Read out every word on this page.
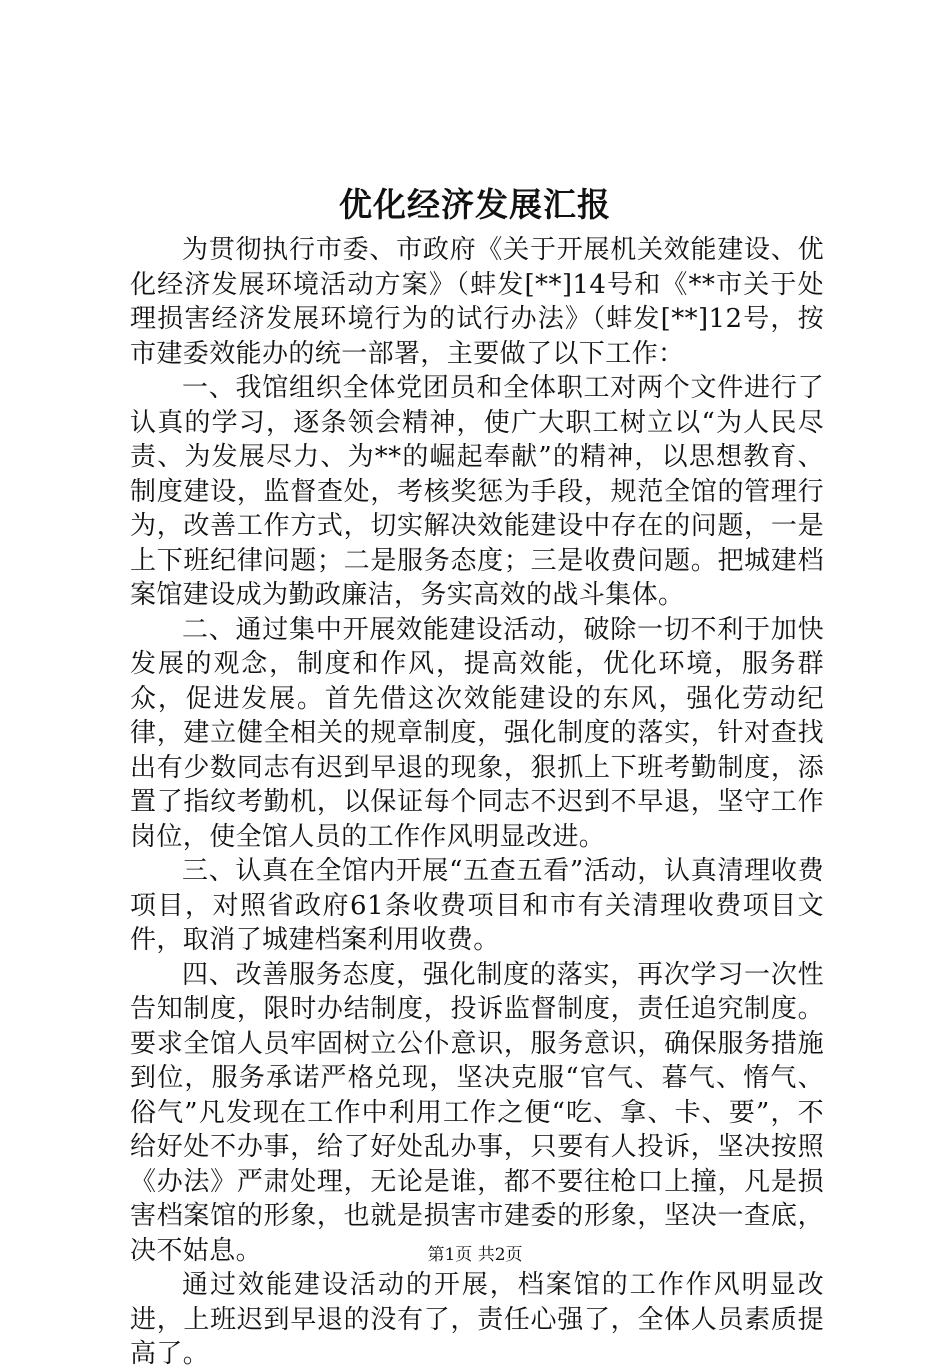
优化经济发展汇报

为贯彻执行市委、市政府《关于开展机关效能建设、优化经济发展环境活动方案》（蚌发[**]14号和《**市关于处理损害经济发展环境行为的试行办法》（蚌发[**]12号，按市建委效能办的统一部署，主要做了以下工作：

一、我馆组织全体党团员和全体职工对两个文件进行了认真的学习，逐条领会精神，使广大职工树立以“为人民尽责、为发展尽力、为**的崛起奉献”的精神，以思想教育、制度建设，监督查处，考核奖惩为手段，规范全馆的管理行为，改善工作方式，切实解决效能建设中存在的问题，一是上下班纪律问题；二是服务态度；三是收费问题。把城建档案馆建设成为勤政廉洁，务实高效的战斗集体。

二、通过集中开展效能建设活动，破除一切不利于加快发展的观念，制度和作风，提高效能，优化环境，服务群众，促进发展。首先借这次效能建设的东风，强化劳动纪律，建立健全相关的规章制度，强化制度的落实，针对查找出有少数同志有迟到早退的现象，狠抓上下班考勤制度，添置了指纹考勤机，以保证每个同志不迟到不早退，坚守工作岗位，使全馆人员的工作作风明显改进。

三、认真在全馆内开展“五查五看”活动，认真清理收费项目，对照省政府61条收费项目和市有关清理收费项目文件，取消了城建档案利用收费。

四、改善服务态度，强化制度的落实，再次学习一次性告知制度，限时办结制度，投诉监督制度，责任追究制度。要求全馆人员牢固树立公仆意识，服务意识，确保服务措施到位，服务承诺严格兑现，坚决克服“官气、暮气、惰气、俗气”凡发现在工作中利用工作之便“吃、拿、卡、要”，不给好处不办事，给了好处乱办事，只要有人投诉，坚决按照《办法》严肃处理，无论是谁，都不要往枪口上撞，凡是损害档案馆的形象，也就是损害市建委的形象，坚决一查底，决不姑息。

通过效能建设活动的开展，档案馆的工作作风明显改进，上班迟到早退的没有了，责任心强了，全体人员素质提高了。

第1页 共2页
